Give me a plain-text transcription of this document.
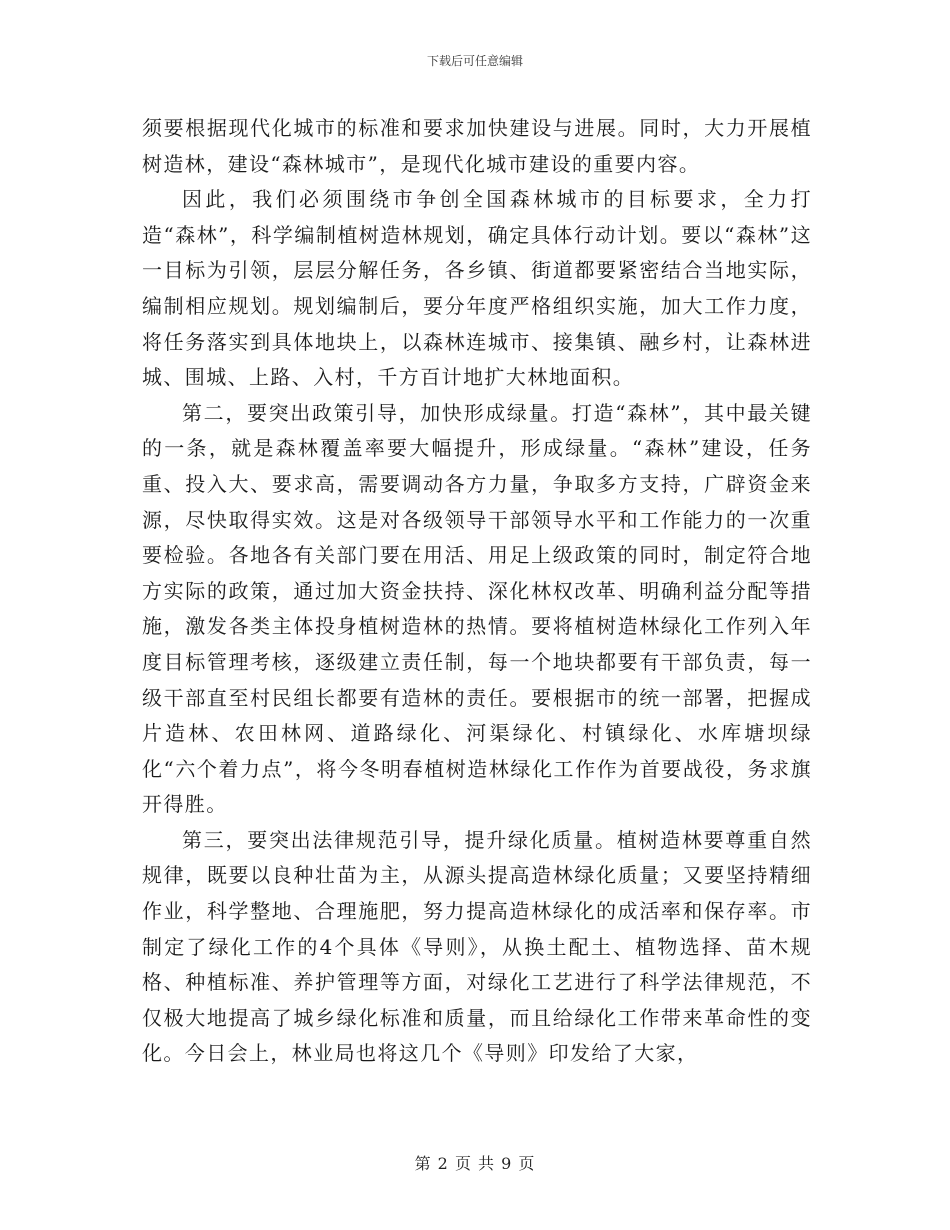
下载后可任意编辑

须要根据现代化城市的标准和要求加快建设与进展。同时，大力开展植树造林，建设“森林城市”，是现代化城市建设的重要内容。

因此，我们必须围绕市争创全国森林城市的目标要求，全力打造“森林”，科学编制植树造林规划，确定具体行动计划。要以“森林”这一目标为引领，层层分解任务，各乡镇、街道都要紧密结合当地实际，编制相应规划。规划编制后，要分年度严格组织实施，加大工作力度，将任务落实到具体地块上，以森林连城市、接集镇、融乡村，让森林进城、围城、上路、入村，千方百计地扩大林地面积。

第二，要突出政策引导，加快形成绿量。打造“森林”，其中最关键的一条，就是森林覆盖率要大幅提升，形成绿量。“森林”建设，任务重、投入大、要求高，需要调动各方力量，争取多方支持，广辟资金来源，尽快取得实效。这是对各级领导干部领导水平和工作能力的一次重要检验。各地各有关部门要在用活、用足上级政策的同时，制定符合地方实际的政策，通过加大资金扶持、深化林权改革、明确利益分配等措施，激发各类主体投身植树造林的热情。要将植树造林绿化工作列入年度目标管理考核，逐级建立责任制，每一个地块都要有干部负责，每一级干部直至村民组长都要有造林的责任。要根据市的统一部署，把握成片造林、农田林网、道路绿化、河渠绿化、村镇绿化、水库塘坝绿化“六个着力点”，将今冬明春植树造林绿化工作作为首要战役，务求旗开得胜。

第三，要突出法律规范引导，提升绿化质量。植树造林要尊重自然规律，既要以良种壮苗为主，从源头提高造林绿化质量；又要坚持精细作业，科学整地、合理施肥，努力提高造林绿化的成活率和保存率。市制定了绿化工作的4个具体《导则》，从换土配土、植物选择、苗木规格、种植标准、养护管理等方面，对绿化工艺进行了科学法律规范，不仅极大地提高了城乡绿化标准和质量，而且给绿化工作带来革命性的变化。今日会上，林业局也将这几个《导则》印发给了大家，

第 2 页 共 9 页
